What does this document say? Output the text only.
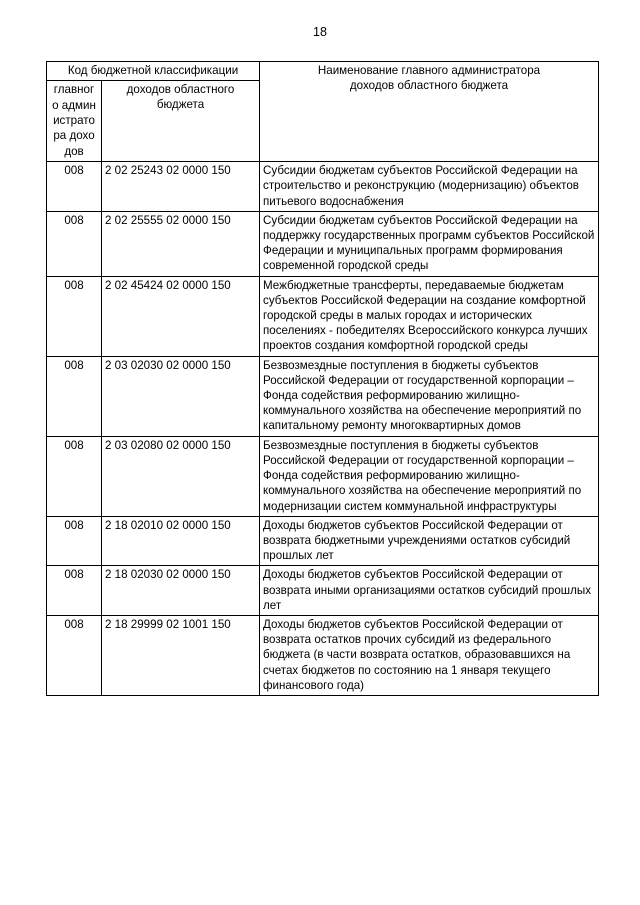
18
Код бюджетной классификации		Наименование главного администратора доходов областного бюджета

главного администратора доходов	доходов областного бюджета	

008	2 02 25243 02 0000 150	Субсидии бюджетам субъектов Российской Федерации на строительство и реконструкцию (модернизацию) объектов питьевого водоснабжения
008	2 02 25555 02 0000 150	Субсидии бюджетам субъектов Российской Федерации на поддержку государственных программ субъектов Российской Федерации и муниципальных программ формирования современной городской среды
008	2 02 45424 02 0000 150	Межбюджетные трансферты, передаваемые бюджетам субъектов Российской Федерации на создание комфортной городской среды в малых городах и исторических поселениях - победителях Всероссийского конкурса лучших проектов создания комфортной городской среды
008	2 03 02030 02 0000 150	Безвозмездные поступления в бюджеты субъектов Российской Федерации от государственной корпорации – Фонда содействия реформированию жилищно-коммунального хозяйства на обеспечение мероприятий по капитальному ремонту многоквартирных домов
008	2 03 02080 02 0000 150	Безвозмездные поступления в бюджеты субъектов Российской Федерации от государственной корпорации – Фонда содействия реформированию жилищно-коммунального хозяйства на обеспечение мероприятий по модернизации систем коммунальной инфраструктуры
008	2 18 02010 02 0000 150	Доходы бюджетов субъектов Российской Федерации от возврата бюджетными учреждениями остатков субсидий прошлых лет
008	2 18 02030 02 0000 150	Доходы бюджетов субъектов Российской Федерации от возврата иными организациями остатков субсидий прошлых лет
008	2 18 29999 02 1001 150	Доходы бюджетов субъектов Российской Федерации от возврата остатков прочих субсидий из федерального бюджета (в части возврата остатков, образовавшихся на счетах бюджетов по состоянию на 1 января текущего финансового года)
